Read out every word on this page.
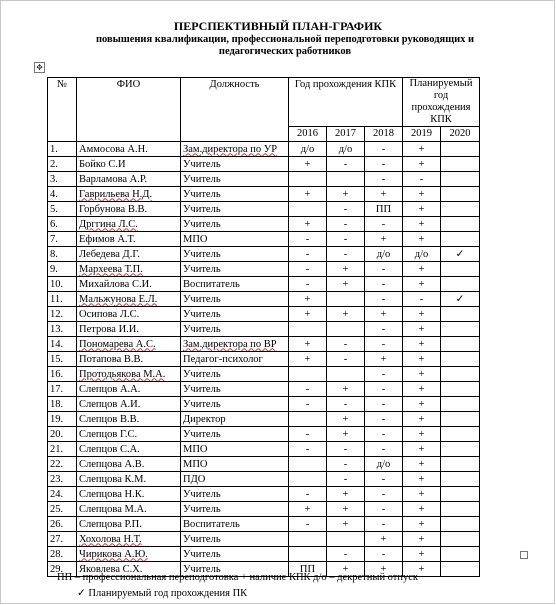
ПЕРСПЕКТИВНЫЙ ПЛАН-ГРАФИК
повышения квалификации, профессиональной переподготовки руководящих и педагогических работников
✥
№	ФИО	Должность	Год прохождения КПК			Планируемый год прохождения КПК	
			2016	2017	2018	2019	2020
1.	Аммосова А.Н.	Зам.директора по УР	д/о	д/о	-	+	
2.	Бойко С.И	Учитель	+	-	-	+	
3.	Варламова А.Р.	Учитель			-	-	
4.	Гаврильева Н.Д.	Учитель	+	+	+	+	
5.	Горбунова В.В.	Учитель		-	ПП	+	
6.	Дрггина Л.С.	Учитель	+	-	-	+	
7.	Ефимов А.Т.	МПО	-	-	+	+	
8.	Лебедева Д.Г.	Учитель	-	-	д/о	д/о	✓
9.	Мархеева Т.П.	Учитель	-	+	-	+	
10.	Михайлова С.И.	Воспитатель	-	+	-	+	
11.	Мальжунова Е.Л.	Учитель	+		-	-	✓
12.	Осипова Л.С.	Учитель	+	+	+	+	
13.	Петрова И.И.	Учитель			-	+	
14.	Пономарева А.С.	Зам.директора по ВР	+	-	-	+	
15.	Потапова В.В.	Педагог-психолог	+	-	+	+	
16.	Протодьякова М.А.	Учитель			-	+	
17.	Слепцов А.А.	Учитель	-	+	-	+	
18.	Слепцов А.И.	Учитель	-	-	-	+	
19.	Слепцов В.В.	Директор		+	-	+	
20.	Слепцов Г.С.	Учитель	-	+	-	+	
21.	Слепцов С.А.	МПО	-	-	-	+	
22.	Слепцова А.В.	МПО		-	д/о	+	
23.	Слепцова К.М.	ПДО		-	-	+	
24.	Слепцова Н.К.	Учитель	-	+	-	+	
25.	Слепцова М.А.	Учитель	+	+	-	+	
26.	Слепцова Р.П.	Воспитатель	-	+	-	+	
27.	Хохолова Н.Т.	Учитель			+	+	
28.	Чирикова А.Ю.	Учитель		-	-	+	
29.	Яковлева С.Х.	Учитель	ПП	+	+	+	
ПП – профессиональная переподготовка + наличие КПК д/о – декретный отпуск
✓ Планируемый год прохождения ПК
